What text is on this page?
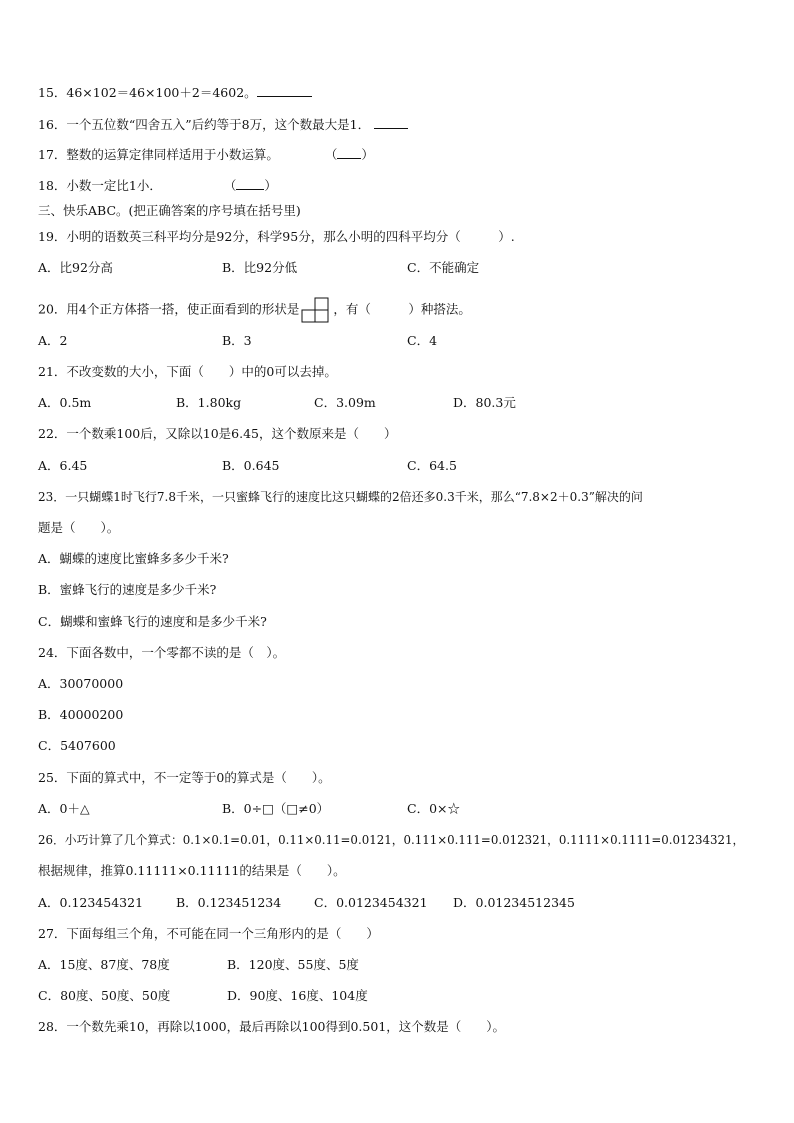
15．46×102＝46×100＋2＝4602。
16．一个五位数“四舍五入”后约等于8万，这个数最大是1．
17．整数的运算定律同样适用于小数运算。	（ ）
18．小数一定比1小．	（ ）
三、快乐ABC。(把正确答案的序号填在括号里)
19．小明的语数英三科平均分是92分，科学95分，那么小明的四科平均分（　　　）.
A．比92分高	B．比92分低	C．不能确定
20．用4个正方体搭一搭，使正面看到的形状是	，有（　　　）种搭法。
A．2	B．3	C．4
21．不改变数的大小，下面（　　）中的0可以去掉。
A．0.5m	B．1.80kg	C．3.09m	D．80.3元
22．一个数乘100后，又除以10是6.45，这个数原来是（　　）
A．6.45	B．0.645	C．64.5
23．一只蝴蝶1时飞行7.8千米，一只蜜蜂飞行的速度比这只蝴蝶的2倍还多0.3千米，那么“7.8×2＋0.3”解决的问
题是（　　）。
A．蝴蝶的速度比蜜蜂多多少千米?
B．蜜蜂飞行的速度是多少千米?
C．蝴蝶和蜜蜂飞行的速度和是多少千米?
24．下面各数中，一个零都不读的是（　）。
A．30070000
B．40000200
C．5407600
25．下面的算式中，不一定等于0的算式是（　　）。
A．0＋△	B．0÷□（□≠0）	C．0×☆
26．小巧计算了几个算式：0.1×0.1=0.01，0.11×0.11=0.0121，0.111×0.111=0.012321，0.1111×0.1111=0.01234321，
根据规律，推算0.11111×0.11111的结果是（　　）。
A．0.123454321	B．0.123451234	C．0.0123454321 D．0.01234512345
27．下面每组三个角，不可能在同一个三角形内的是（　　）
A．15度、87度、78度	B．120度、55度、5度
C．80度、50度、50度	D．90度、16度、104度
28．一个数先乘10，再除以1000，最后再除以100得到0.501，这个数是（　　）。
